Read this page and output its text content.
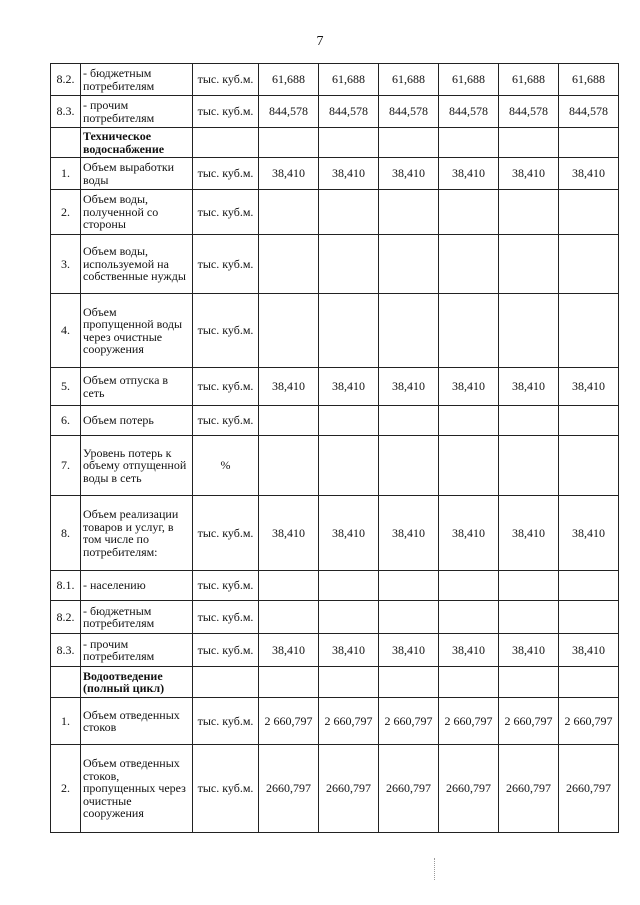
7
8.2.	- бюджетным потребителям	тыс. куб.м.	61,688	61,688	61,688	61,688	61,688	61,688
8.3.	- прочим потребителям	тыс. куб.м.	844,578	844,578	844,578	844,578	844,578	844,578
	Техническое водоснабжение							
1.	Объем выработки воды	тыс. куб.м.	38,410	38,410	38,410	38,410	38,410	38,410
2.	Объем воды, полученной со стороны	тыс. куб.м.						
3.	Объем воды, используемой на собственные нужды	тыс. куб.м.						
4.	Объем пропущенной воды через очистные сооружения	тыс. куб.м.						
5.	Объем отпуска в сеть	тыс. куб.м.	38,410	38,410	38,410	38,410	38,410	38,410
6.	Объем потерь	тыс. куб.м.						
7.	Уровень потерь к объему отпущенной воды в сеть	%						
8.	Объем реализации товаров и услуг, в том числе по потребителям:	тыс. куб.м.	38,410	38,410	38,410	38,410	38,410	38,410
8.1.	- населению	тыс. куб.м.						
8.2.	- бюджетным потребителям	тыс. куб.м.						
8.3.	- прочим потребителям	тыс. куб.м.	38,410	38,410	38,410	38,410	38,410	38,410
	Водоотведение (полный цикл)							
1.	Объем отведенных стоков	тыс. куб.м.	2 660,797	2 660,797	2 660,797	2 660,797	2 660,797	2 660,797
2.	Объем отведенных стоков, пропущенных через очистные сооружения	тыс. куб.м.	2660,797	2660,797	2660,797	2660,797	2660,797	2660,797
